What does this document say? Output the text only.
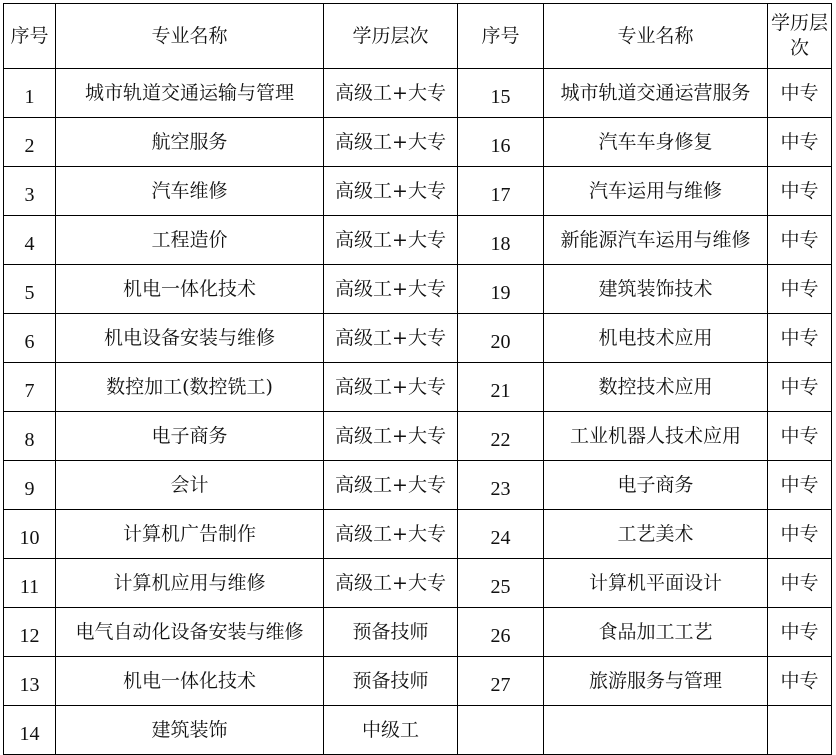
序号	专业名称	学历层次	序号	专业名称	学历层次
1	城市轨道交通运输与管理	高级工+大专	15	城市轨道交通运营服务	中专
2	航空服务	高级工+大专	16	汽车车身修复	中专
3	汽车维修	高级工+大专	17	汽车运用与维修	中专
4	工程造价	高级工+大专	18	新能源汽车运用与维修	中专
5	机电一体化技术	高级工+大专	19	建筑装饰技术	中专
6	机电设备安装与维修	高级工+大专	20	机电技术应用	中专
7	数控加工(数控铣工)	高级工+大专	21	数控技术应用	中专
8	电子商务	高级工+大专	22	工业机器人技术应用	中专
9	会计	高级工+大专	23	电子商务	中专
10	计算机广告制作	高级工+大专	24	工艺美术	中专
11	计算机应用与维修	高级工+大专	25	计算机平面设计	中专
12	电气自动化设备安装与维修	预备技师	26	食品加工工艺	中专
13	机电一体化技术	预备技师	27	旅游服务与管理	中专
14	建筑装饰	中级工			
